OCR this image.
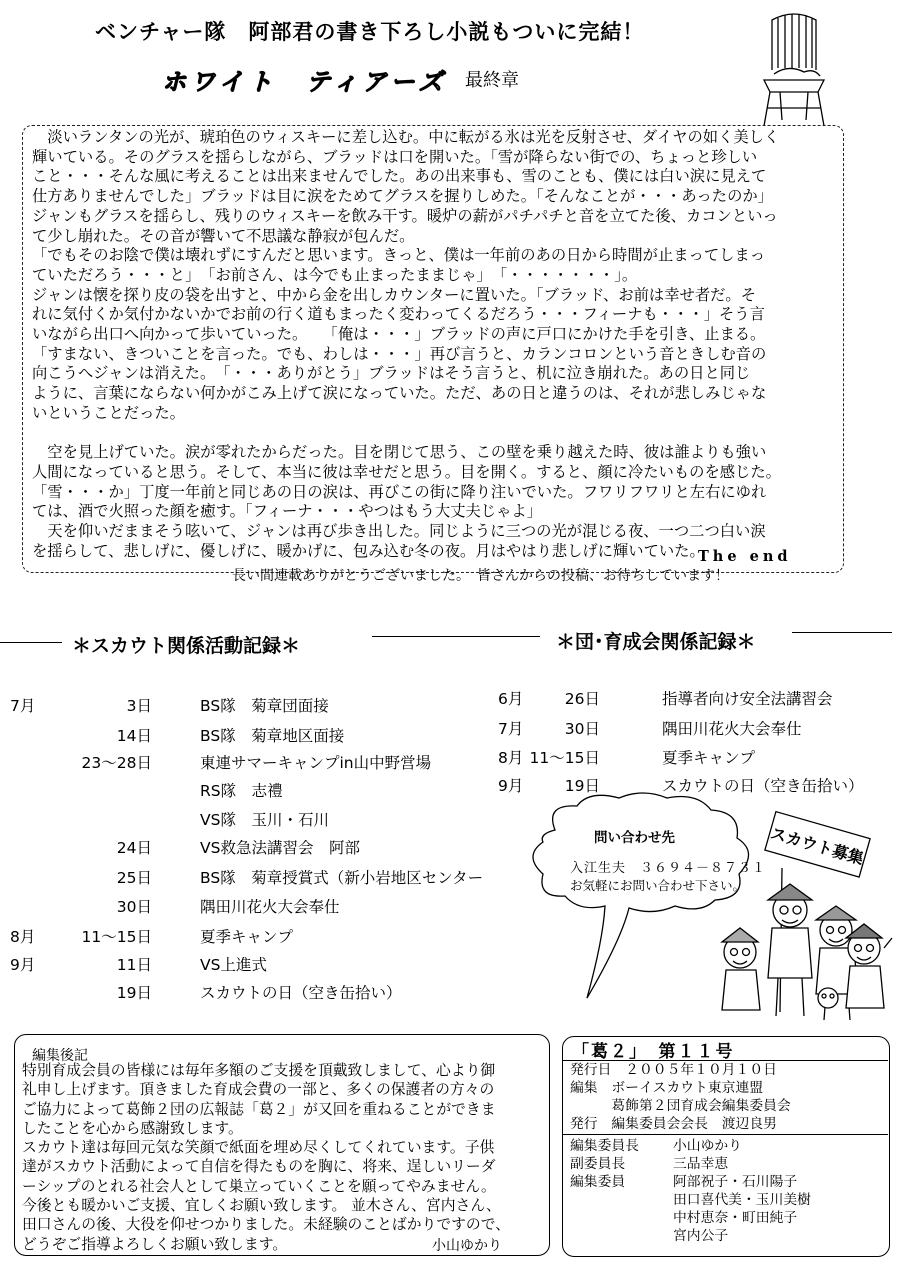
ベンチャー隊　阿部君の書き下ろし小説もついに完結！
ホワイト　ティアーズ 最終章

　淡いランタンの光が、琥珀色のウィスキーに差し込む。中に転がる氷は光を反射させ、ダイヤの如く美しく

輝いている。そのグラスを揺らしながら、ブラッドは口を開いた。「雪が降らない街での、ちょっと珍しい

こと・・・そんな風に考えることは出来ませんでした。あの出来事も、雪のことも、僕には白い涙に見えて

仕方ありませんでした」ブラッドは目に涙をためてグラスを握りしめた。「そんなことが・・・あったのか」

ジャンもグラスを揺らし、残りのウィスキーを飲み干す。暖炉の薪がパチパチと音を立てた後、カコンといっ

て少し崩れた。その音が響いて不思議な静寂が包んだ。

「でもそのお陰で僕は壊れずにすんだと思います。きっと、僕は一年前のあの日から時間が止まってしまっ

ていただろう・・・と」　「お前さん、は今でも止まったままじゃ」　「・・・・・・・」。

ジャンは懐を探り皮の袋を出すと、中から金を出しカウンターに置いた。「ブラッド、お前は幸せ者だ。そ

れに気付くか気付かないかでお前の行く道もまったく変わってくるだろう・・・フィーナも・・・」そう言

いながら出口へ向かって歩いていった。　　「俺は・・・」ブラッドの声に戸口にかけた手を引き、止まる。

「すまない、きついことを言った。でも、わしは・・・」再び言うと、カランコロンという音ときしむ音の

向こうへジャンは消えた。　「・・・ありがとう」ブラッドはそう言うと、机に泣き崩れた。あの日と同じ

ように、言葉にならない何かがこみ上げて涙になっていた。ただ、あの日と違うのは、それが悲しみじゃな

いということだった。

　空を見上げていた。涙が零れたからだった。目を閉じて思う、この壁を乗り越えた時、彼は誰よりも強い

人間になっていると思う。そして、本当に彼は幸せだと思う。目を開く。すると、顔に冷たいものを感じた。

「雪・・・か」丁度一年前と同じあの日の涙は、再びこの街に降り注いでいた。フワリフワリと左右にゆれ

ては、酒で火照った顔を癒す。「フィーナ・・・やつはもう大丈夫じゃよ」

　天を仰いだままそう呟いて、ジャンは再び歩き出した。同じように三つの光が混じる夜、一つ二つ白い涙

を揺らして、悲しげに、優しげに、暖かげに、包み込む冬の夜。月はやはり悲しげに輝いていた。

The end
長い間連載ありがとうございました。　皆さんからの投稿、お待ちしています！
＊スカウト関係活動記録＊	＊団･育成会関係記録＊
7月	3日	BS隊　菊章団面接
14日	BS隊　菊章地区面接
23～28日	東連サマーキャンプin山中野営場
RS隊　志禮
VS隊　玉川・石川
24日	VS救急法講習会　阿部
25日	BS隊　菊章授賞式（新小岩地区センター
30日	隅田川花火大会奉仕
8月	11～15日	夏季キャンプ
9月	11日	VS上進式
19日	スカウトの日（空き缶拾い）
6月	26日	指導者向け安全法講習会
7月	30日	隅田川花火大会奉仕
8月 11～15日	夏季キャンプ
9月	19日	スカウトの日（空き缶拾い）
問い合わせ先
入江生夫　３６９４－８７３１
お気軽にお問い合わせ下さい。
スカウト募集
編集後記

特別育成会員の皆様には毎年多額のご支援を頂戴致しまして、心より御

礼申し上げます。頂きました育成会費の一部と、多くの保護者の方々の

ご協力によって葛飾２団の広報誌「葛２」が又回を重ねることができま

したことを心から感謝致します。

スカウト達は毎回元気な笑顔で紙面を埋め尽くしてくれています。子供

達がスカウト活動によって自信を得たものを胸に、将来、逞しいリーダ

ーシップのとれる社会人として巣立っていくことを願ってやみません。

今後とも暖かいご支援、宜しくお願い致します。 並木さん、宮内さん、

田口さんの後、大役を仰せつかりました。未経験のことばかりですので、

どうぞご指導よろしくお願い致します。	小山ゆかり
「葛２」　第１１号
発行日　２００５年１０月１０日
編集　ボーイスカウト東京連盟
　　　葛飾第２団育成会編集委員会
発行　編集委員会会長　渡辺良男
編集委員長 小山ゆかり
副委員長	三品幸恵
編集委員	阿部祝子・石川陽子
田口喜代美・玉川美樹
中村恵奈・町田純子
宮内公子
